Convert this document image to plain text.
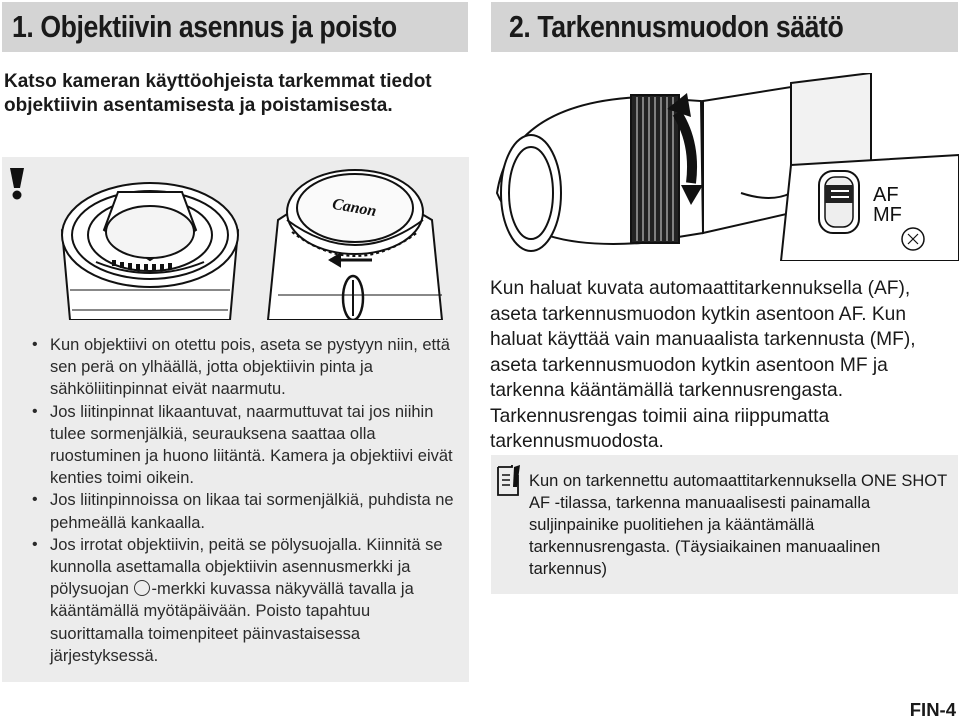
1. Objektiivin asennus ja poisto	2. Tarkennusmuodon säätö
Katso kameran käyttöohjeista tarkemmat tiedot objektiivin asentamisesta ja poistamisesta.
Canon
• Kun objektiivi on otettu pois, aseta se pystyyn niin, että sen perä on ylhäällä, jotta objektiivin pinta ja sähköliitinpinnat eivät naarmutu.
• Jos liitinpinnat likaantuvat, naarmuttuvat tai jos niihin tulee sormenjälkiä, seurauksena saattaa olla ruostuminen ja huono liitäntä. Kamera ja objektiivi eivät kenties toimi oikein.
• Jos liitinpinnoissa on likaa tai sormenjälkiä, puhdista ne pehmeällä kankaalla.
• Jos irrotat objektiivin, peitä se pölysuojalla. Kiinnitä se kunnolla asettamalla objektiivin asennusmerkki ja pölysuojan -merkki kuvassa näkyvällä tavalla ja kääntämällä myötäpäivään. Poisto tapahtuu suorittamalla toimenpiteet päinvastaisessa järjestyksessä.
AF
MF
Kun haluat kuvata automaattitarkennuksella (AF), aseta tarkennusmuodon kytkin asentoon AF. Kun haluat käyttää vain manuaalista tarkennusta (MF), aseta tarkennusmuodon kytkin asentoon MF ja tarkenna kääntämällä tarkennusrengasta. Tarkennusrengas toimii aina riippumatta tarkennusmuodosta.
Kun on tarkennettu automaattitarkennuksella ONE SHOT AF -tilassa, tarkenna manuaalisesti painamalla suljinpainike puolitiehen ja kääntämällä tarkennusrengasta. (Täysiaikainen manuaalinen tarkennus)
FIN-4
